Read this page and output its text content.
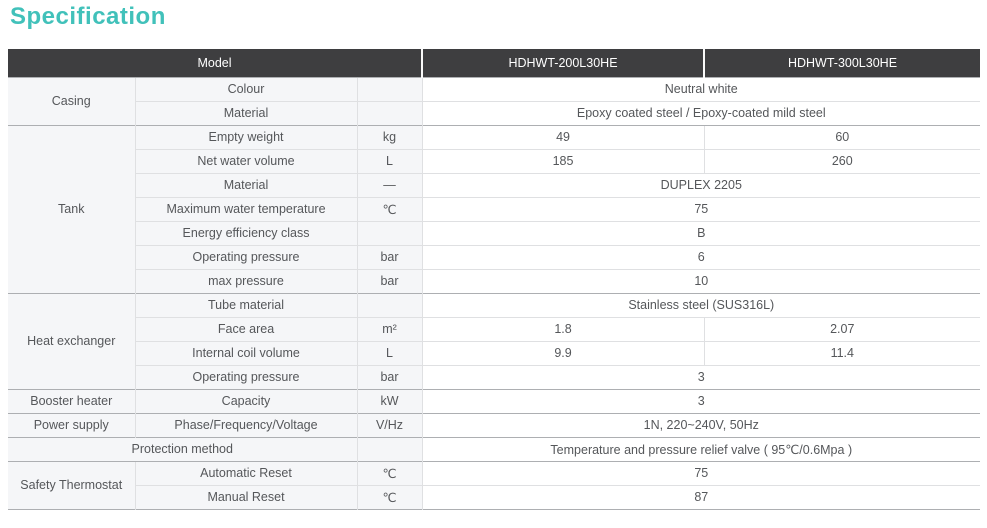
Specification
Model			HDHWT-200L30HE	HDHWT-300L30HE
Casing	Colour		Neutral white	
	Material		Epoxy coated steel / Epoxy-coated mild steel	
Tank	Empty weight	kg	49	60
	Net water volume	L	185	260
	Material	—	DUPLEX 2205	
	Maximum water temperature	℃	75	
	Energy efficiency class		B	
	Operating pressure	bar	6	
	max pressure	bar	10	
Heat exchanger	Tube material		Stainless steel (SUS316L)	
	Face area	m²	1.8	2.07
	Internal coil volume	L	9.9	11.4
	Operating pressure	bar	3	
Booster heater	Capacity	kW	3	
Power supply	Phase/Frequency/Voltage	V/Hz	1N, 220~240V, 50Hz	
Protection method			Temperature and pressure relief valve ( 95℃/0.6Mpa )	
Safety Thermostat	Automatic Reset	℃	75	
	Manual Reset	℃	87	
